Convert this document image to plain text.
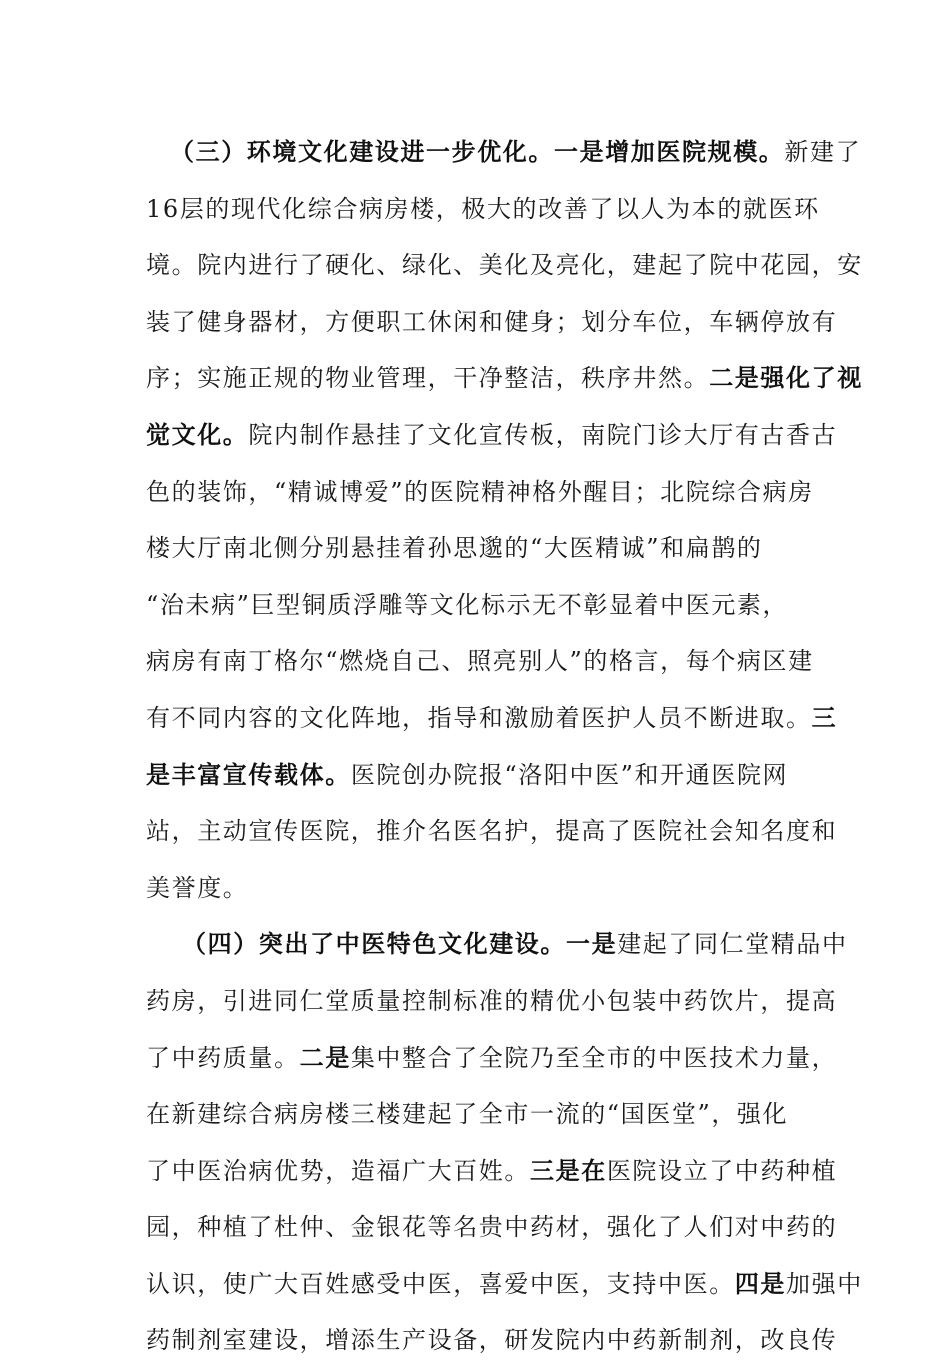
（三）环境文化建设进一步优化。一是增加医院规模。新建了
16层的现代化综合病房楼，极大的改善了以人为本的就医环
境。院内进行了硬化、绿化、美化及亮化，建起了院中花园，安
装了健身器材，方便职工休闲和健身；划分车位，车辆停放有
序；实施正规的物业管理，干净整洁，秩序井然。二是强化了视
觉文化。院内制作悬挂了文化宣传板，南院门诊大厅有古香古
色的装饰，“精诚博爱”的医院精神格外醒目；北院综合病房
楼大厅南北侧分别悬挂着孙思邈的“大医精诚”和扁鹊的
“治未病”巨型铜质浮雕等文化标示无不彰显着中医元素，
病房有南丁格尔“燃烧自己、照亮别人”的格言，每个病区建
有不同内容的文化阵地，指导和激励着医护人员不断进取。三
是丰富宣传载体。医院创办院报“洛阳中医”和开通医院网
站，主动宣传医院，推介名医名护，提高了医院社会知名度和
美誉度。
（四）突出了中医特色文化建设。一是建起了同仁堂精品中
药房，引进同仁堂质量控制标准的精优小包装中药饮片，提高
了中药质量。二是集中整合了全院乃至全市的中医技术力量，
在新建综合病房楼三楼建起了全市一流的“国医堂”，强化
了中医治病优势，造福广大百姓。三是在医院设立了中药种植
园，种植了杜仲、金银花等名贵中药材，强化了人们对中药的
认识，使广大百姓感受中医，喜爱中医，支持中医。四是加强中
药制剂室建设，增添生产设备，研发院内中药新制剂，改良传
